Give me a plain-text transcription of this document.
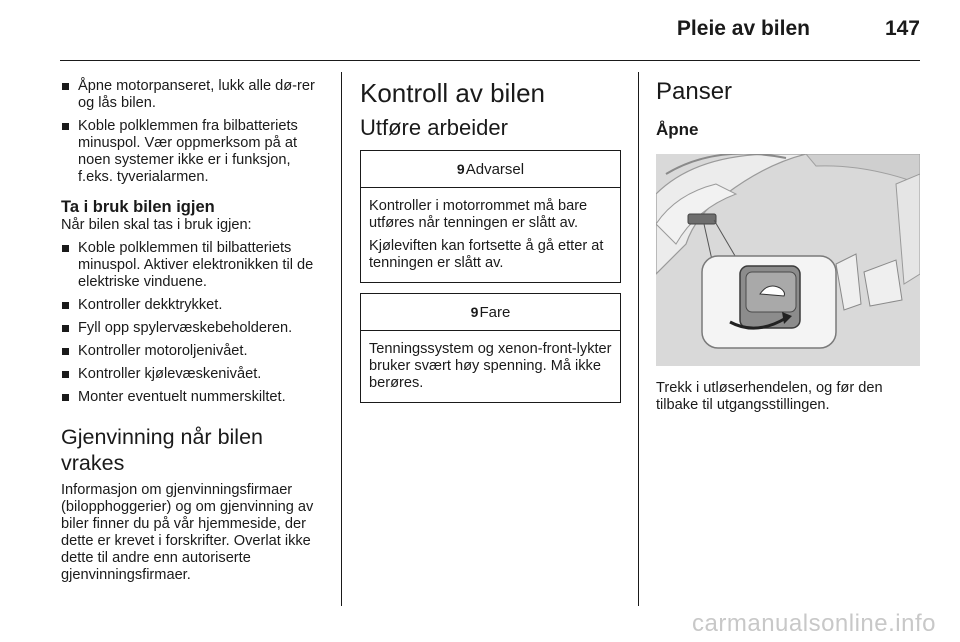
Pleie av bilen	147
Åpne motorpanseret, lukk alle dø-rer og lås bilen.
Koble polklemmen fra bilbatteriets minuspol. Vær oppmerksom på at noen systemer ikke er i funksjon, f.eks. tyverialarmen.
Ta i bruk bilen igjen

Når bilen skal tas i bruk igjen:

Koble polklemmen til bilbatteriets minuspol. Aktiver elektronikken til de elektriske vinduene.
Kontroller dekktrykket.
Fyll opp spylervæskebeholderen.
Kontroller motoroljenivået.
Kontroller kjølevæskenivået.
Monter eventuelt nummerskiltet.
Gjenvinning når bilen vrakes

Informasjon om gjenvinningsfirmaer (bilopphoggerier) og om gjenvinning av biler finner du på vår hjemmeside, der dette er krevet i forskrifter. Overlat ikke dette til andre enn autoriserte gjenvinningsfirmaer.

Kontroll av bilen
Utføre arbeider
9 Advarsel

Kontroller i motorrommet må bare utføres når tenningen er slått av.

Kjøleviften kan fortsette å gå etter at tenningen er slått av.

9 Fare

Tenningssystem og xenon-front-lykter bruker svært høy spenning. Må ikke berøres.

Panser
Åpne

Trekk i utløserhendelen, og før den tilbake til utgangsstillingen.

carmanualsonline.info
